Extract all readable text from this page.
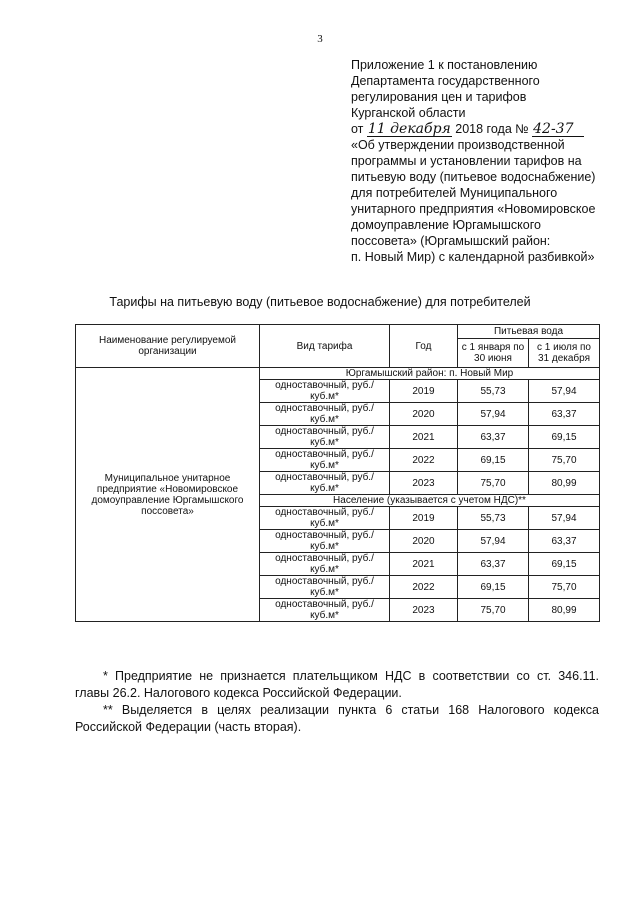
3
Приложение 1 к постановлению
Департамента государственного
регулирования цен и тарифов
Курганской области
от 11 декабря 2018 года № 42-37
«Об утверждении производственной
программы и установлении тарифов на
питьевую воду (питьевое водоснабжение)
для потребителей Муниципального
унитарного предприятия «Новомировское
домоуправление Юргамышского
поссовета» (Юргамышский район:
п. Новый Мир) с календарной разбивкой»
Тарифы на питьевую воду (питьевое водоснабжение) для потребителей
Наименование регулируемой организации	Вид тарифа	Год	Питьевая вода	
			с 1 января по 30 июня	с 1 июля по 31 декабря
Муниципальное унитарное предприятие «Новомировское домоуправление Юргамышского поссовета»	Юргамышский район: п. Новый Мир			
	одноставочный, руб./куб.м*	2019	55,73	57,94
	одноставочный, руб./куб.м*	2020	57,94	63,37
	одноставочный, руб./куб.м*	2021	63,37	69,15
	одноставочный, руб./куб.м*	2022	69,15	75,70
	одноставочный, руб./куб.м*	2023	75,70	80,99
	Население (указывается с учетом НДС)**			
	одноставочный, руб./куб.м*	2019	55,73	57,94
	одноставочный, руб./куб.м*	2020	57,94	63,37
	одноставочный, руб./куб.м*	2021	63,37	69,15
	одноставочный, руб./куб.м*	2022	69,15	75,70
	одноставочный, руб./куб.м*	2023	75,70	80,99

* Предприятие не признается плательщиком НДС в соответствии со ст. 346.11. главы 26.2. Налогового кодекса Российской Федерации.

** Выделяется в целях реализации пункта 6 статьи 168 Налогового кодекса Российской Федерации (часть вторая).
